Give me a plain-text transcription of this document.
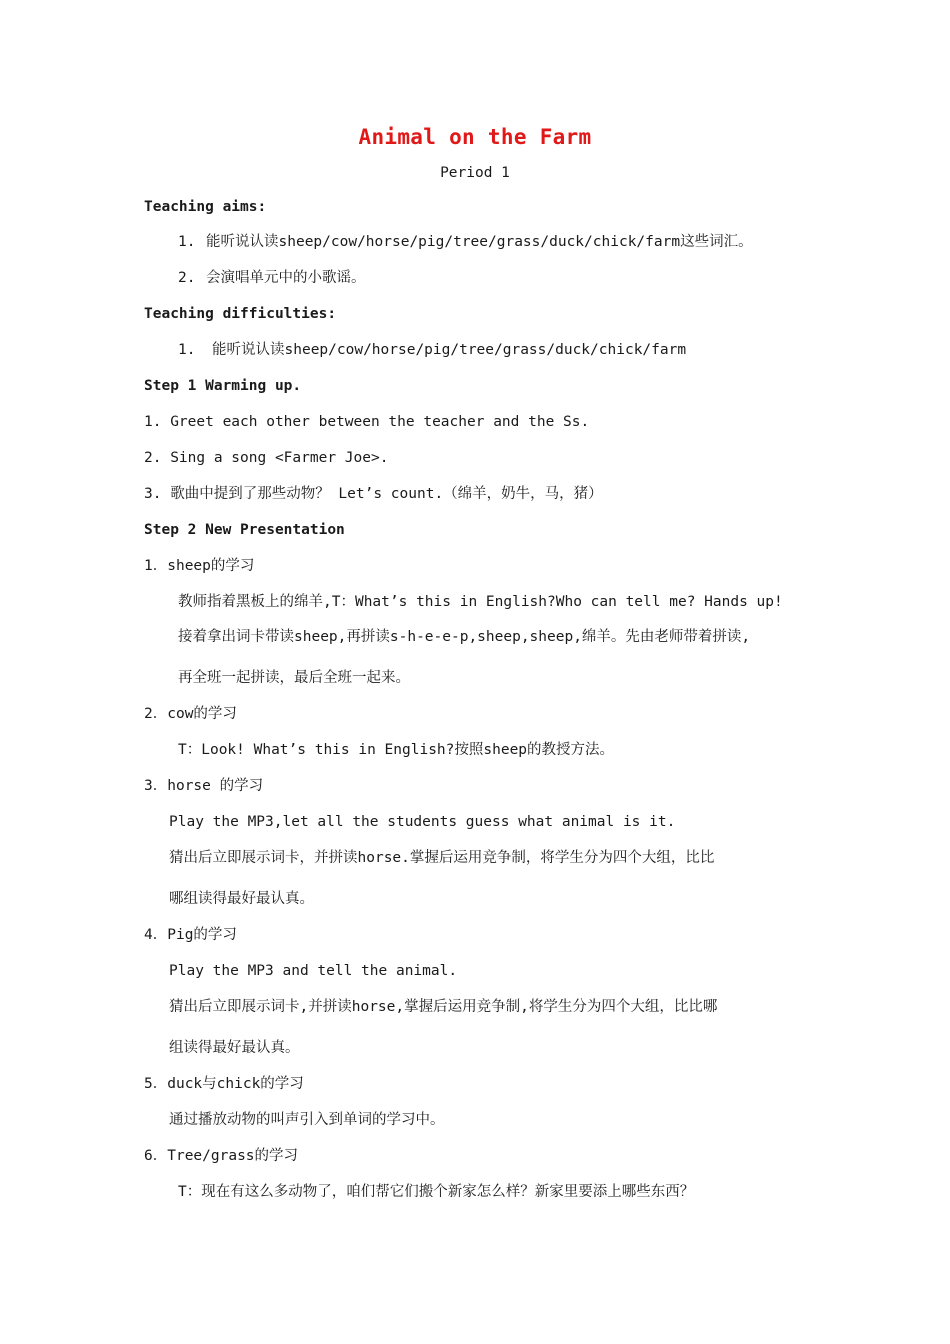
Animal on the Farm
Period 1
Teaching aims:
1. 能听说认读sheep/cow/horse/pig/tree/grass/duck/chick/farm这些词汇。
2. 会演唱单元中的小歌谣。
Teaching difficulties:
1. 能听说认读sheep/cow/horse/pig/tree/grass/duck/chick/farm
Step 1 Warming up.
1. Greet each other between the teacher and the Ss.
2. Sing a song <Farmer Joe>.
3. 歌曲中提到了那些动物？ Let’s count.（绵羊，奶牛，马，猪）
Step 2 New Presentation
1．sheep的学习
教师指着黑板上的绵羊,T：What’s this in English?Who can tell me? Hands up!
接着拿出词卡带读sheep,再拼读s-h-e-e-p,sheep,sheep,绵羊。先由老师带着拼读,
再全班一起拼读，最后全班一起来。
2．cow的学习
T：Look! What’s this in English?按照sheep的教授方法。
3．horse 的学习
Play the MP3,let all the students guess what animal is it.
猜出后立即展示词卡，并拼读horse.掌握后运用竞争制，将学生分为四个大组，比比
哪组读得最好最认真。
4．Pig的学习
Play the MP3 and tell the animal.
猜出后立即展示词卡,并拼读horse,掌握后运用竞争制,将学生分为四个大组，比比哪
组读得最好最认真。
5．duck与chick的学习
通过播放动物的叫声引入到单词的学习中。
6．Tree/grass的学习
T：现在有这么多动物了，咱们帮它们搬个新家怎么样？新家里要添上哪些东西？
